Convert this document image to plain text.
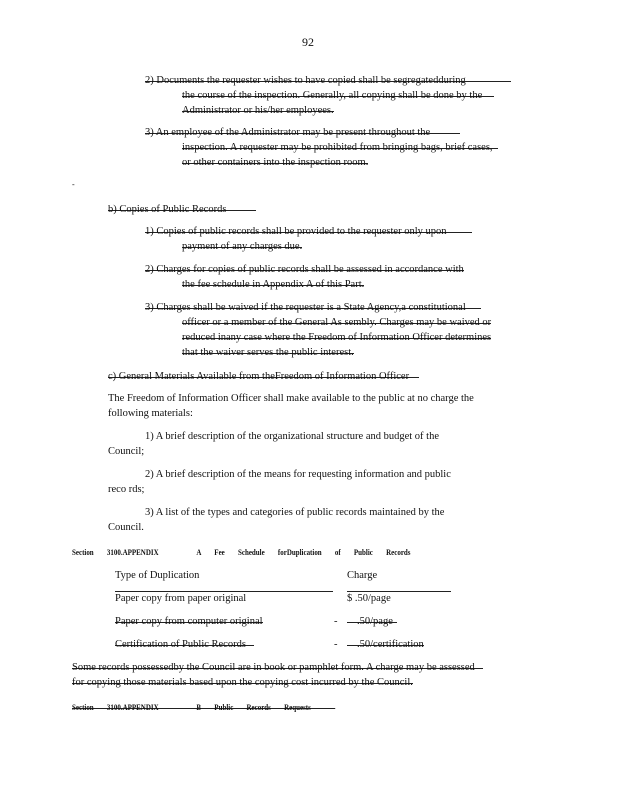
92
2) Documents the requester wishes to have copied shall be segregatedduring
the course of the inspection. Generally, all copying shall be done by the
Administrator or his/her employees.
3) An employee of the Administrator may be present throughout the
inspection. A requester may be prohibited from bringing bags, brief cases,
or other containers into the inspection room.
-
b) Copies of Public Records
1) Copies of public records shall be provided to the requester only upon
payment of any charges due.
2) Charges for copies of public records shall be assessed in accordance with
the fee schedule in Appendix A of this Part.
3) Charges shall be waived if the requester is a State Agency,a constitutional
officer or a member of the General As sembly. Charges may be waived or
reduced inany case where the Freedom of Information Officer determines
that the waiver serves the public interest.
c) General Materials Available from theFreedom of Information Officer
The Freedom of Information Officer shall make available to the public at no charge the
following materials:
1) A brief description of the organizational structure and budget of the
Council;
2) A brief description of the means for requesting information and public
reco rds;
3) A list of the types and categories of public records maintained by the
Council.
Section 3100.APPENDIX	A Fee Schedule forDuplication of Public Records
Type of Duplication	Charge
Paper copy from paper original	$ .50/page
Paper copy from computer original	-	.50/page
Certification of Public Records	-	.50/certification
Some records possessedby the Council are in book or pamphlet form. A charge may be assessed
for copying those materials based upon the copying cost incurred by the Council.
Section 3100.APPENDIX	B Public Records Requests
